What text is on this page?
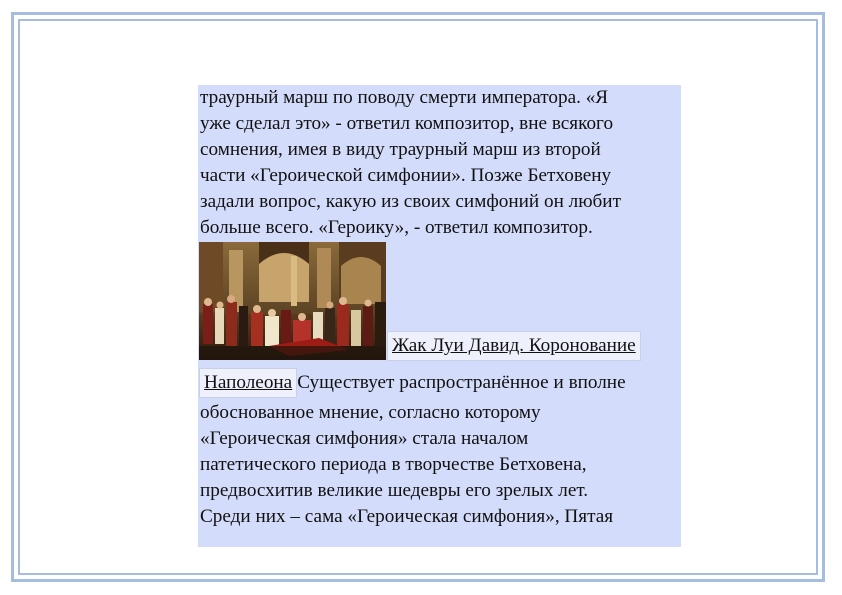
траурный марш по поводу смерти императора. «Я
уже сделал это» - ответил композитор, вне всякого
сомнения, имея в виду траурный марш из второй
части «Героической симфонии». Позже Бетховену
задали вопрос, какую из своих симфоний он любит
больше всего. «Героику», - ответил композитор.

Жак Луи Давид. Коронование
Наполеона Существует распространённое и вполне

обоснованное мнение, согласно которому
«Героическая симфония» стала началом
патетического периода в творчестве Бетховена,
предвосхитив великие шедевры его зрелых лет.
Среди них – сама «Героическая симфония», Пятая
